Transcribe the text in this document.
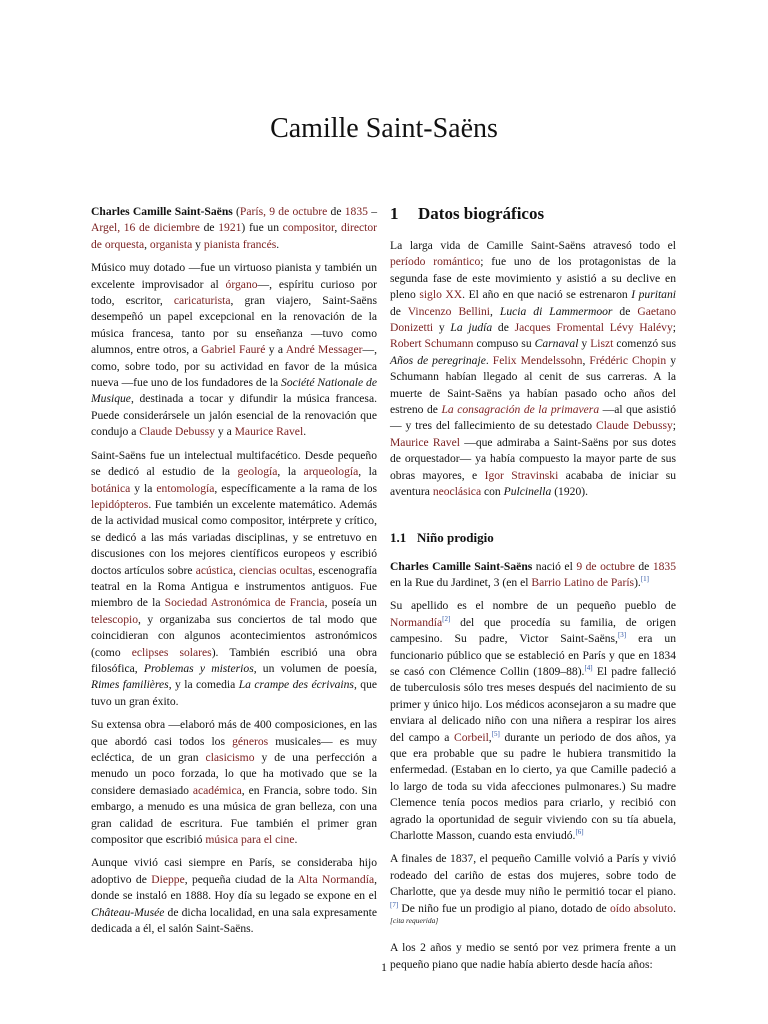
Camille Saint-Saëns

Charles Camille Saint-Saëns (París, 9 de octubre de 1835 – Argel, 16 de diciembre de 1921) fue un compositor, director de orquesta, organista y pianista francés.

Músico muy dotado —fue un virtuoso pianista y también un excelente improvisador al órgano—, espíritu curioso por todo, escritor, caricaturista, gran viajero, Saint-Saëns desempeñó un papel excepcional en la renovación de la música francesa, tanto por su enseñanza —tuvo como alumnos, entre otros, a Gabriel Fauré y a André Messager—, como, sobre todo, por su actividad en favor de la música nueva —fue uno de los fundadores de la Société Nationale de Musique, destinada a tocar y difundir la música francesa. Puede considerársele un jalón esencial de la renovación que condujo a Claude Debussy y a Maurice Ravel.

Saint-Saëns fue un intelectual multifacético. Desde pequeño se dedicó al estudio de la geología, la arqueología, la botánica y la entomología, específicamente a la rama de los lepidópteros. Fue también un excelente matemático. Además de la actividad musical como compositor, intérprete y crítico, se dedicó a las más variadas disciplinas, y se entretuvo en discusiones con los mejores científicos europeos y escribió doctos artículos sobre acústica, ciencias ocultas, escenografía teatral en la Roma Antigua e instrumentos antiguos. Fue miembro de la Sociedad Astronómica de Francia, poseía un telescopio, y organizaba sus conciertos de tal modo que coincidieran con algunos acontecimientos astronómicos (como eclipses solares). También escribió una obra filosófica, Problemas y misterios, un volumen de poesía, Rimes familières, y la comedia La crampe des écrivains, que tuvo un gran éxito.

Su extensa obra —elaboró más de 400 composiciones, en las que abordó casi todos los géneros musicales— es muy ecléctica, de un gran clasicismo y de una perfección a menudo un poco forzada, lo que ha motivado que se la considere demasiado académica, en Francia, sobre todo. Sin embargo, a menudo es una música de gran belleza, con una gran calidad de escritura. Fue también el primer gran compositor que escribió música para el cine.

Aunque vivió casi siempre en París, se consideraba hijo adoptivo de Dieppe, pequeña ciudad de la Alta Normandía, donde se instaló en 1888. Hoy día su legado se expone en el Château-Musée de dicha localidad, en una sala expresamente dedicada a él, el salón Saint-Saëns.

1 Datos biográficos

La larga vida de Camille Saint-Saëns atravesó todo el período romántico; fue uno de los protagonistas de la segunda fase de este movimiento y asistió a su declive en pleno siglo XX. El año en que nació se estrenaron I puritani de Vincenzo Bellini, Lucia di Lammermoor de Gaetano Donizetti y La judía de Jacques Fromental Lévy Halévy; Robert Schumann compuso su Carnaval y Liszt comenzó sus Años de peregrinaje. Felix Mendelssohn, Frédéric Chopin y Schumann habían llegado al cenit de sus carreras. A la muerte de Saint-Saëns ya habían pasado ocho años del estreno de La consagración de la primavera —al que asistió— y tres del fallecimiento de su detestado Claude Debussy; Maurice Ravel —que admiraba a Saint-Saëns por sus dotes de orquestador— ya había compuesto la mayor parte de sus obras mayores, e Igor Stravinski acababa de iniciar su aventura neoclásica con Pulcinella (1920).

1.1 Niño prodigio

Charles Camille Saint-Saëns nació el 9 de octubre de 1835 en la Rue du Jardinet, 3 (en el Barrio Latino de París).[1]

Su apellido es el nombre de un pequeño pueblo de Normandía[2] del que procedía su familia, de origen campesino. Su padre, Victor Saint-Saëns,[3] era un funcionario público que se estableció en París y que en 1834 se casó con Clémence Collin (1809–88).[4] El padre falleció de tuberculosis sólo tres meses después del nacimiento de su primer y único hijo. Los médicos aconsejaron a su madre que enviara al delicado niño con una niñera a respirar los aires del campo a Corbeil,[5] durante un periodo de dos años, ya que era probable que su padre le hubiera transmitido la enfermedad. (Estaban en lo cierto, ya que Camille padeció a lo largo de toda su vida afecciones pulmonares.) Su madre Clemence tenía pocos medios para criarlo, y recibió con agrado la oportunidad de seguir viviendo con su tía abuela, Charlotte Masson, cuando esta enviudó.[6]

A finales de 1837, el pequeño Camille volvió a París y vivió rodeado del cariño de estas dos mujeres, sobre todo de Charlotte, que ya desde muy niño le permitió tocar el piano.[7] De niño fue un prodigio al piano, dotado de oído absoluto.[cita requerida]

A los 2 años y medio se sentó por vez primera frente a un pequeño piano que nadie había abierto desde hacía años:

1
